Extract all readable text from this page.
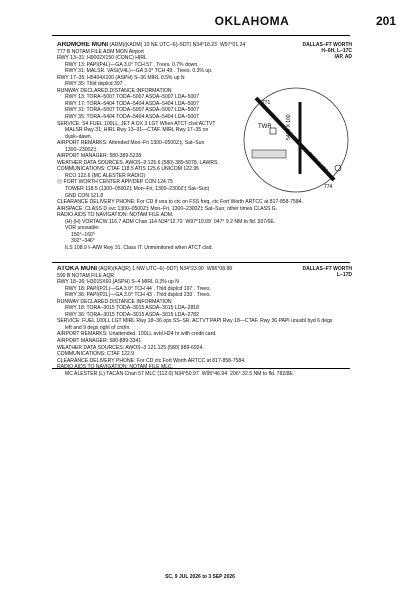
OKLAHOMA	201
ARDMORE MUNI (ADM)(KADM) 10 NE UTC–6(–5DT) N34°18.23´ W97°01.24´	DALLAS–FT WORTH
H–6H, L–17C
IAP, AD
777 B NOTAM FILE ADM MON Airport
RWY 13–31: H9002X150 (CONC) HIRL
RWY 13: PAPI(P4L)—GA 3.0° TCH 57´. Trees. 0.7% down.
RWY 31: MALSR. VASI(V4L)—GA 3.0° TCH 49´. Trees. 0.3% up.
RWY 17–35: H5404X100 (ASPH) S–36 MIRL 0.5% up N
RWY 35: Thld dsplcd 397´.
RUNWAY DECLARED DISTANCE INFORMATION
RWY 13: TORA–5007 TODA–5007 ASDA–5007 LDA–5007
RWY 17: TORA–5404 TODA–5404 ASDA–5404 LDA–5007
RWY 31: TORA–5007 TODA–5007 ASDA–5007 LDA–5007
RWY 35: TORA–5404 TODA–5404 ASDA–5404 LDA–5007
SERVICE: S4 FUEL 100LL, JET A OX 3 LGT When ATCT clsd ACTVT
MALSR Rwy 31; HIRL Rwy 13–31—CTAF. MIRL Rwy 17–35 on
dusk–dawn.
AIRPORT REMARKS: Attended Mon–Fri 1300–0500Z‡, Sat–Sun
1300–2300Z‡.
AIRPORT MANAGER: 580-389-5238
WEATHER DATA SOURCES: AWOS–3 125.6 (580) 389-5078. LAWRS.
COMMUNICATIONS: CTAF 118.5 ATIS 125.6 UNICOM 122.95
RCO 122.6 (MC ALESTER RADIO)
Ⓡ FORT WORTH CENTER APP/DEP CON 124.75
TOWER 118.5 (1300–0500Z‡ Mon–Fri, 1300–2300Z‡ Sat–Sun)
GND CON 121.8
CLEARANCE DELIVERY PHONE: For CD if una to ctc on FSS freq, ctc Fort Worth ARTCC at 817-858-7584.
AIRSPACE: CLASS D svc 1300–0500Z‡ Mon–Fri, 1300–2300Z‡ Sat–Sun; other times CLASS G.
RADIO AIDS TO NAVIGATION: NOTAM FILE ADM.
(H) (H) VORTACW 116.7 ADM Chan 114 N34°12.70´ W97°10.09´ 047° 9.2 NM to fld. 937/6E.
VOR unusable:
150°–160°
302°–346°
ILS 108.9 I–AIW Rwy 31. Class IT. Unmonitored when ATCT clsd.
TWR	5404 X 100
9002 X 150
771
774
ATOKA MUNI (AQR)(KAQR) 1 NW UTC–6(–5DT) N34°23.90´ W96°08.88´	DALLAS–FT WORTH
L–17D
590 B NOTAM FILE AQR
RWY 18–36: H3015X60 (ASPH) S–4 MIRL 0.3% up N
RWY 18: PAPI(P2L)—GA 3.0° TCH 44´. Thld dsplcd 197´. Trees.
RWY 36: PAPI(P2L)—GA 3.0° TCH 43´. Thld dsplcd 233´. Trees.
RUNWAY DECLARED DISTANCE INFORMATION
RWY 18: TORA–3015 TODA–3015 ASDA–3015 LDA–2818
RWY 36: TORA–3015 TODA–3015 ASDA–3015 LDA–2782
SERVICE: FUEL 100LL LGT MIRL Rwy 18–36 ops SS–SR. ACTVT PAPI Rwy 18—CTAF. Rwy 36 PAPI unusbl byd 6 degs
left and 9 degs right of cntrln.
AIRPORT REMARKS: Unattended. 100LL avbl H24 hr with credit card.
AIRPORT MANAGER: 580-889-3341
WEATHER DATA SOURCES: AWOS–3 121.125 (580) 889-6924.
COMMUNICATIONS: CTAF 122.9
CLEARANCE DELIVERY PHONE: For CD ctc Fort Worth ARTCC at 817-858-7584.
RADIO AIDS TO NAVIGATION: NOTAM FILE MLC.
MC ALESTER (L) TACAN Chan 57 MLC (112.0) N34°50.97´ W95°46.94´ 206° 32.5 NM to fld. 782/8E.
SC, 9 JUL 2026 to 3 SEP 2026
